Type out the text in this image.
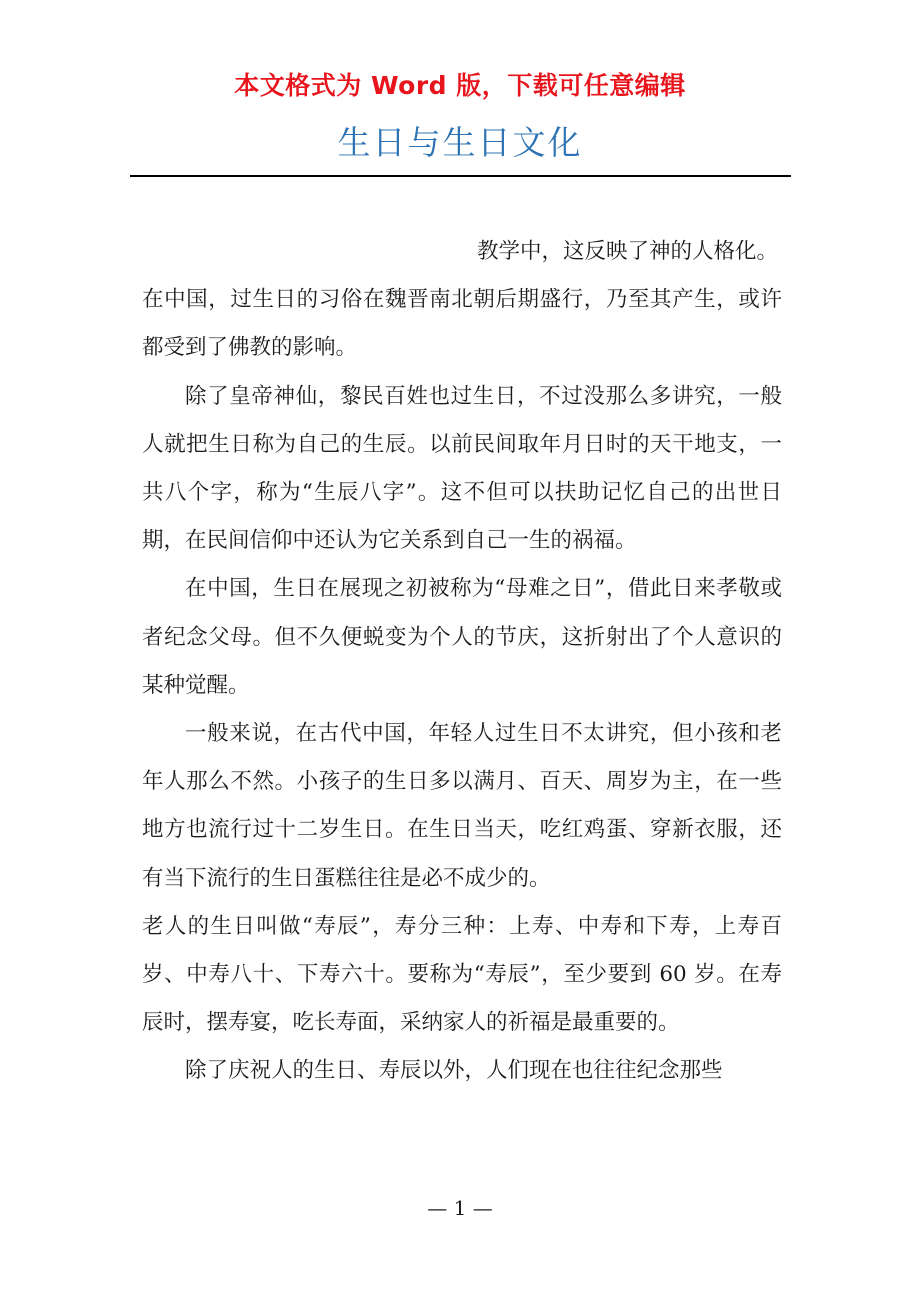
本文格式为 Word 版，下载可任意编辑
生日与生日文化

教学中，这反映了神的人格化。
在中国，过生日的习俗在魏晋南北朝后期盛行，乃至其产生，或许都受到了佛教的影响。

除了皇帝神仙，黎民百姓也过生日，不过没那么多讲究，一般人就把生日称为自己的生辰。以前民间取年月日时的天干地支，一共八个字，称为“生辰八字”。这不但可以扶助记忆自己的出世日期，在民间信仰中还认为它关系到自己一生的祸福。

在中国，生日在展现之初被称为“母难之日”，借此日来孝敬或者纪念父母。但不久便蜕变为个人的节庆，这折射出了个人意识的某种觉醒。

一般来说，在古代中国，年轻人过生日不太讲究，但小孩和老年人那么不然。小孩子的生日多以满月、百天、周岁为主，在一些地方也流行过十二岁生日。在生日当天，吃红鸡蛋、穿新衣服，还有当下流行的生日蛋糕往往是必不成少的。

老人的生日叫做“寿辰”，寿分三种：上寿、中寿和下寿，上寿百岁、中寿八十、下寿六十。要称为“寿辰”，至少要到 60 岁。在寿辰时，摆寿宴，吃长寿面，采纳家人的祈福是最重要的。

除了庆祝人的生日、寿辰以外，人们现在也往往纪念那些

— 1 —
